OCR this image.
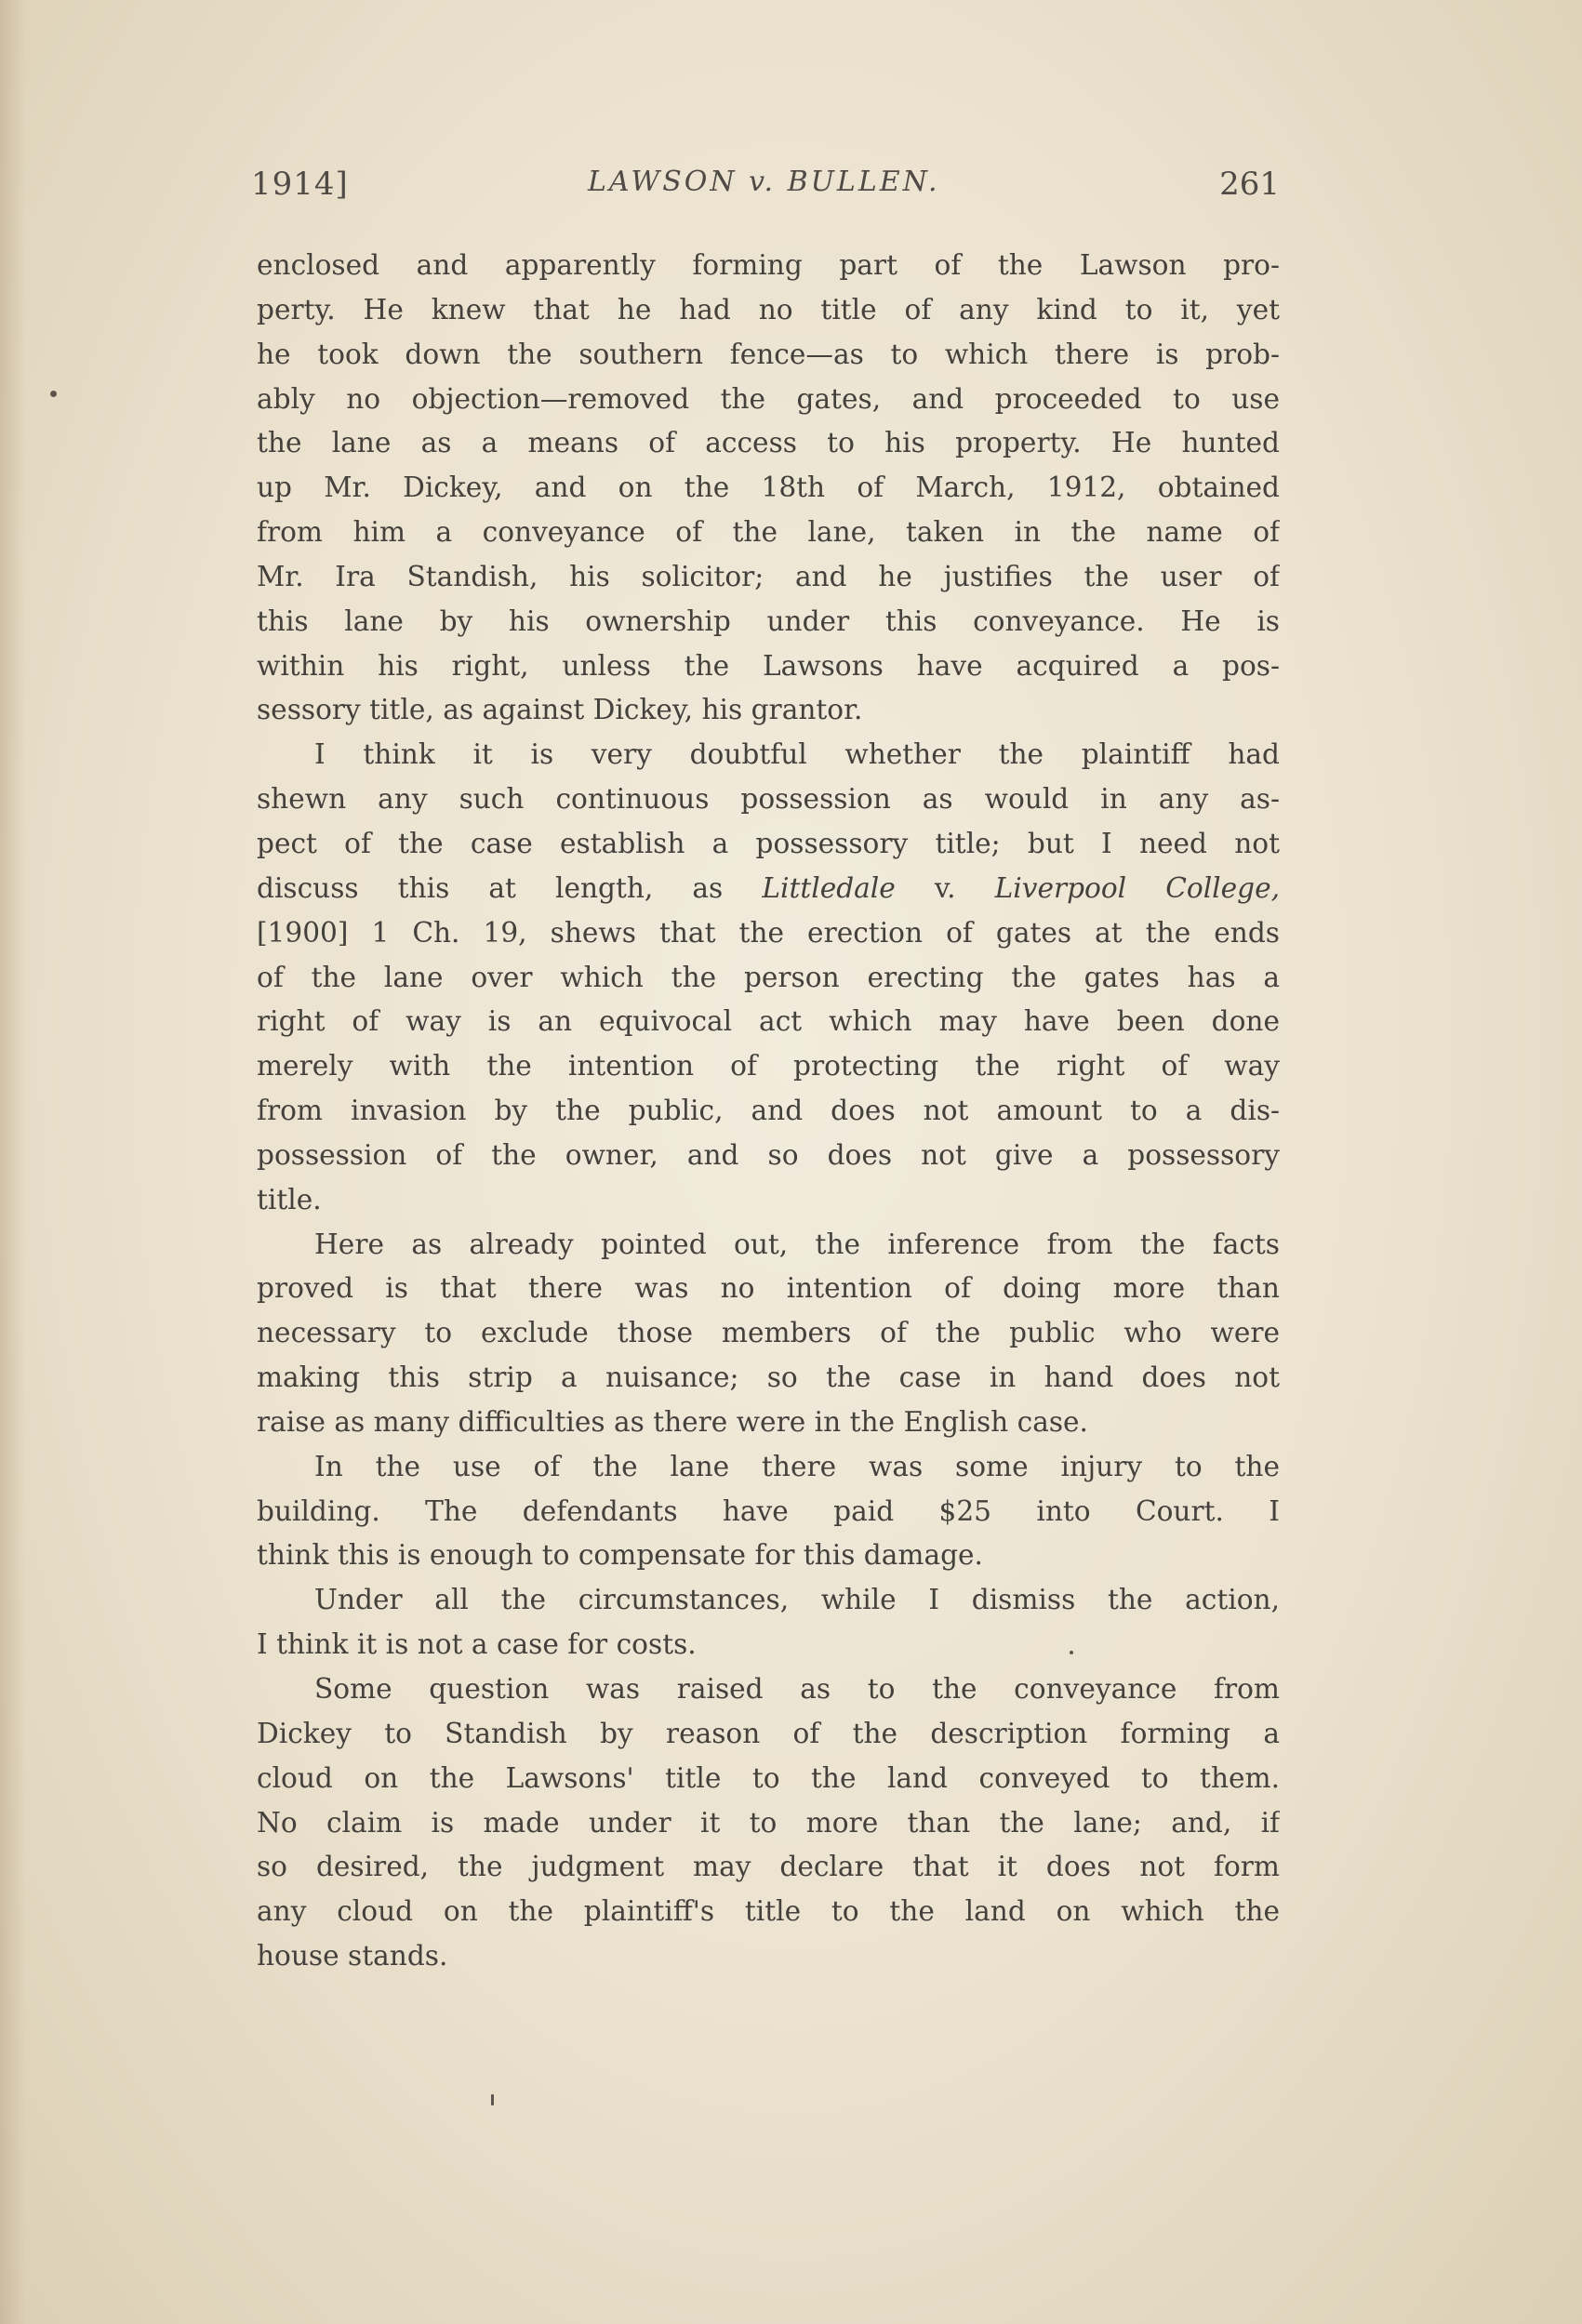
1914]	LAWSON v. BULLEN.	261
enclosed and apparently forming part of the Lawson pro-
perty. He knew that he had no title of any kind to it, yet
he took down the southern fence—as to which there is prob-
ably no objection—removed the gates, and proceeded to use
the lane as a means of access to his property. He hunted
up Mr. Dickey, and on the 18th of March, 1912, obtained
from him a conveyance of the lane, taken in the name of
Mr. Ira Standish, his solicitor; and he justifies the user of
this lane by his ownership under this conveyance. He is
within his right, unless the Lawsons have acquired a pos-
sessory title, as against Dickey, his grantor.
I think it is very doubtful whether the plaintiff had
shewn any such continuous possession as would in any as-
pect of the case establish a possessory title; but I need not
discuss this at length, as Littledale v. Liverpool College,
[1900] 1 Ch. 19, shews that the erection of gates at the ends
of the lane over which the person erecting the gates has a
right of way is an equivocal act which may have been done
merely with the intention of protecting the right of way
from invasion by the public, and does not amount to a dis-
possession of the owner, and so does not give a possessory
title.
Here as already pointed out, the inference from the facts
proved is that there was no intention of doing more than
necessary to exclude those members of the public who were
making this strip a nuisance; so the case in hand does not
raise as many difficulties as there were in the English case.
In the use of the lane there was some injury to the
building. The defendants have paid $25 into Court. I
think this is enough to compensate for this damage.
Under all the circumstances, while I dismiss the action,
I think it is not a case for costs.
Some question was raised as to the conveyance from
Dickey to Standish by reason of the description forming a
cloud on the Lawsons' title to the land conveyed to them.
No claim is made under it to more than the lane; and, if
so desired, the judgment may declare that it does not form
any cloud on the plaintiff's title to the land on which the
house stands.
